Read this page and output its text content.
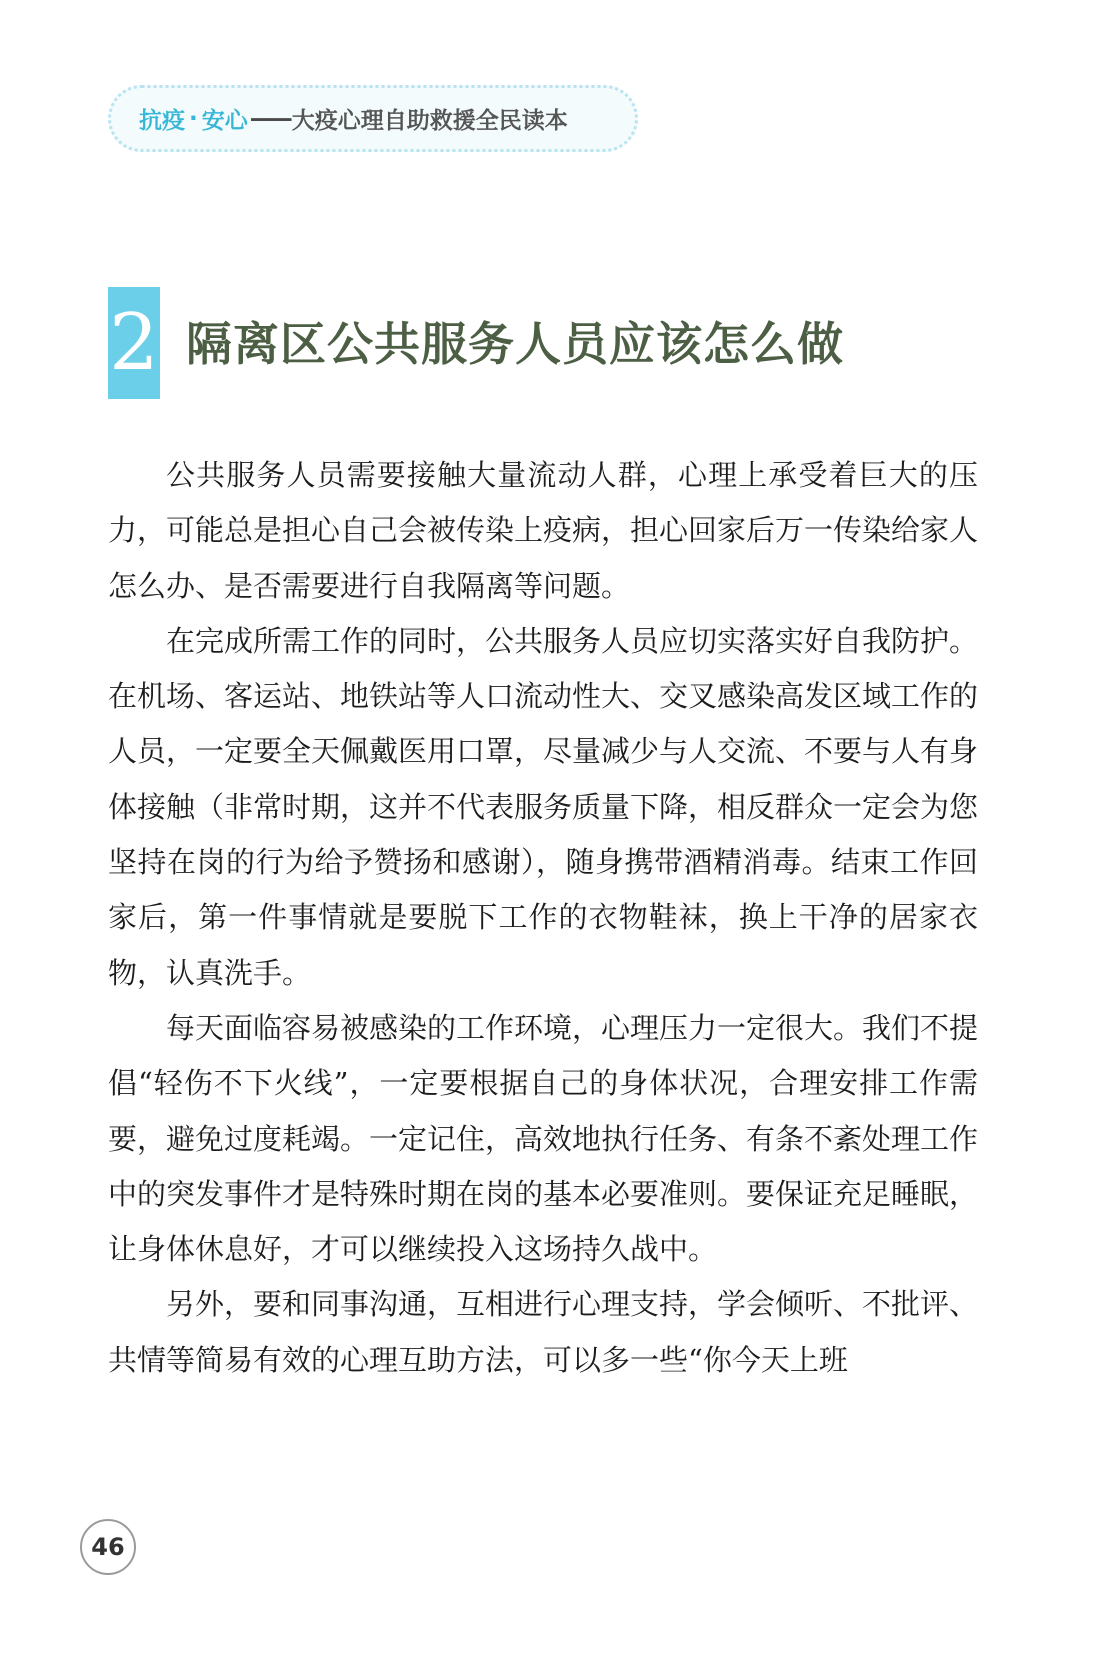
抗疫 · 安心 —— 大疫心理自助救援全民读本
2 隔离区公共服务人员应该怎么做

公共服务人员需要接触大量流动人群，心理上承受着巨大的压力，可能总是担心自己会被传染上疫病，担心回家后万一传染给家人怎么办、是否需要进行自我隔离等问题。

在完成所需工作的同时，公共服务人员应切实落实好自我防护。在机场、客运站、地铁站等人口流动性大、交叉感染高发区域工作的人员，一定要全天佩戴医用口罩，尽量减少与人交流、不要与人有身体接触（非常时期，这并不代表服务质量下降，相反群众一定会为您坚持在岗的行为给予赞扬和感谢），随身携带酒精消毒。结束工作回家后，第一件事情就是要脱下工作的衣物鞋袜，换上干净的居家衣物，认真洗手。

每天面临容易被感染的工作环境，心理压力一定很大。我们不提倡“轻伤不下火线”，一定要根据自己的身体状况，合理安排工作需要，避免过度耗竭。一定记住，高效地执行任务、有条不紊处理工作中的突发事件才是特殊时期在岗的基本必要准则。要保证充足睡眠，让身体休息好，才可以继续投入这场持久战中。

另外，要和同事沟通，互相进行心理支持，学会倾听、不批评、共情等简易有效的心理互助方法，可以多一些“你今天上班

46
